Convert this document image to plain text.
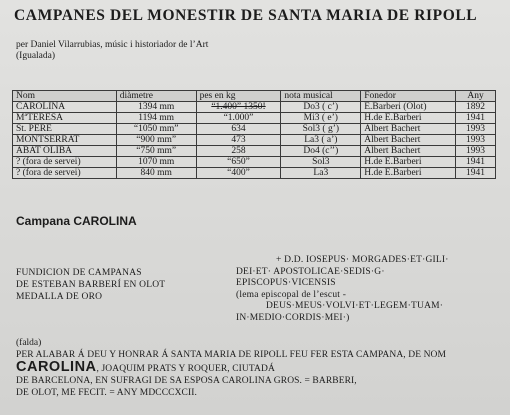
CAMPANES DEL MONESTIR DE SANTA MARIA DE RIPOLL
per Daniel Vilarrubias, músic i historiador de l’Art
(Igualada)
Nom	diàmetre	pes en kg	nota musical	Fonedor	Any
CAROLINA	1394 mm	“1.400” 1350!	Do3 ( c’)	E.Barberi (Olot)	1892
MªTERESA	1194 mm	“1.000”	Mi3 ( e’)	H.de E.Barberi	1941
St. PERE	“1050 mm”	634	Sol3 ( g’)	Albert Bachert	1993
MONTSERRAT	“900 mm”	473	La3 ( a’)	Albert Bachert	1993
ABAT OLIBA	“750 mm”	258	Do4 (c’’)	Albert Bachert	1993
? (fora de servei)	1070 mm	“650”	Sol3	H.de E.Barberi	1941
? (fora de servei)	840 mm	“400”	La3	H.de E.Barberi	1941
Campana CAROLINA
FUNDICION DE CAMPANAS
DE ESTEBAN BARBERÍ EN OLOT
MEDALLA DE ORO
+ D.D. IOSEPUS· MORGADES·ET·GILI·
DEI·ET· APOSTOLICAE·SEDIS·G·
EPISCOPUS·VICENSIS
(lema episcopal de l’escut -
DEUS·MEUS·VOLVI·ET·LEGEM·TUAM·
IN·MEDIO·CORDIS·MEI·)
(falda)
PER ALABAR Á DEU Y HONRAR Á SANTA MARIA DE RIPOLL FEU FER ESTA CAMPANA, DE NOM
CAROLINA, JOAQUIM PRATS Y ROQUER, CIUTADÁ
DE BARCELONA, EN SUFRAGI DE SA ESPOSA CAROLINA GROS. = BARBERI,
DE OLOT, ME FECIT. = ANY MDCCCXCII.
